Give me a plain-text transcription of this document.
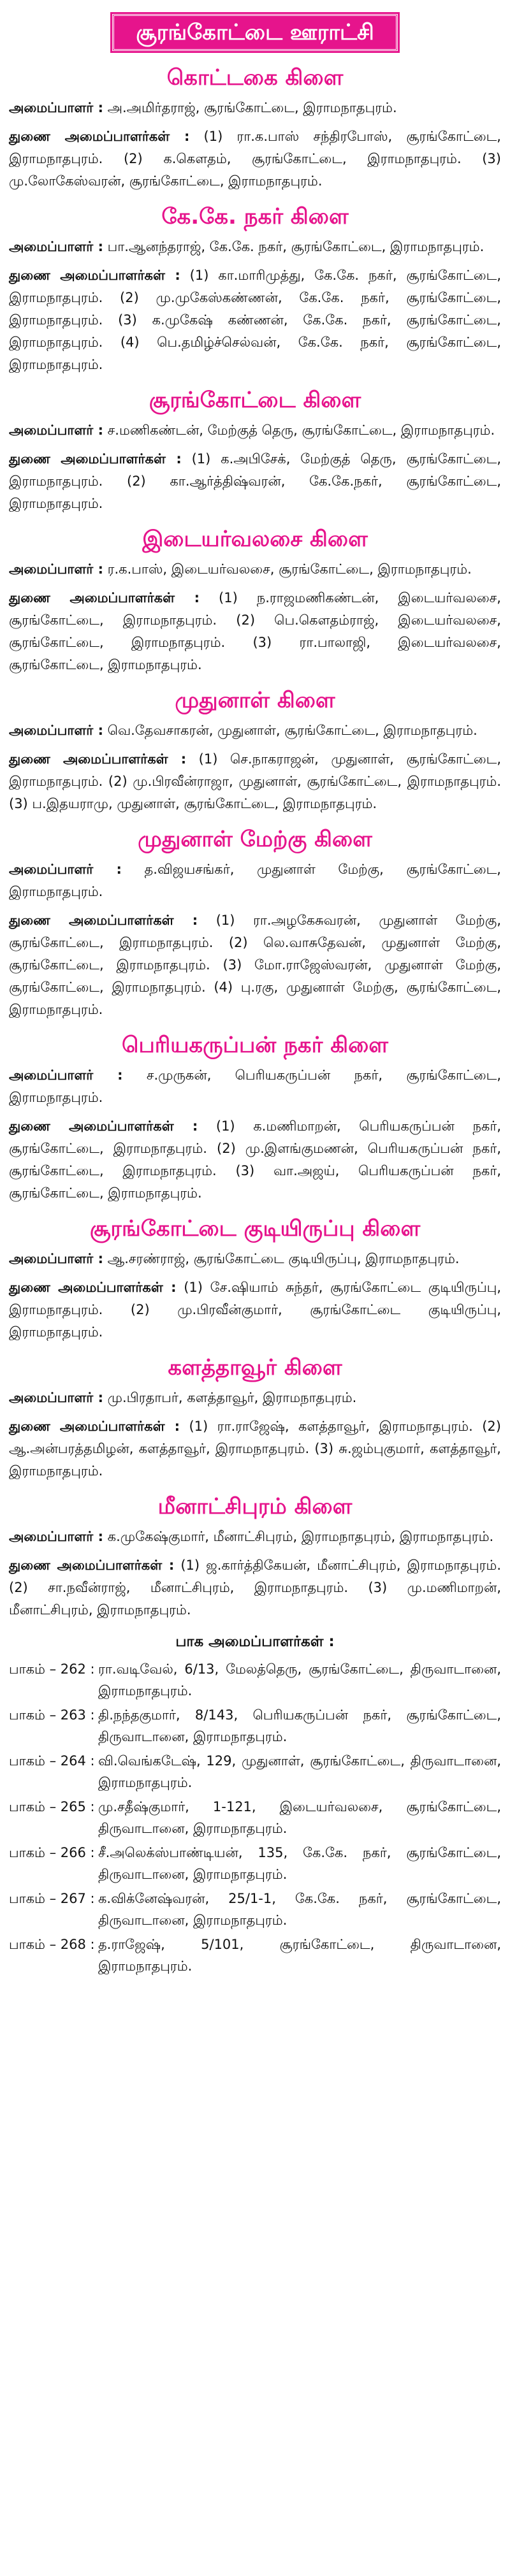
சூரங்கோட்டை ஊராட்சி
கொட்டகை கிளை

அமைப்பாளர் : அ.அமிர்தராஜ், சூரங்கோட்டை, இராமநாதபுரம்.

துணை அமைப்பாளர்கள் : (1) ரா.க.பாஸ் சந்திரபோஸ், சூரங்கோட்டை, இராமநாதபுரம். (2) க.கௌதம், சூரங்கோட்டை, இராமநாதபுரம். (3) மு.லோகேஸ்வரன், சூரங்கோட்டை, இராமநாதபுரம்.

கே.கே. நகர் கிளை

அமைப்பாளர் : பா.ஆனந்தராஜ், கே.கே. நகர், சூரங்கோட்டை, இராமநாதபுரம்.

துணை அமைப்பாளர்கள் : (1) கா.மாரிமுத்து, கே.கே. நகர், சூரங்கோட்டை, இராமநாதபுரம். (2) மு.முகேஸ்கண்ணன், கே.கே. நகர், சூரங்கோட்டை, இராமநாதபுரம். (3) க.முகேஷ் கண்ணன், கே.கே. நகர், சூரங்கோட்டை, இராமநாதபுரம். (4) பெ.தமிழ்ச்செல்வன், கே.கே. நகர், சூரங்கோட்டை, இராமநாதபுரம்.

சூரங்கோட்டை கிளை

அமைப்பாளர் : ச.மணிகண்டன், மேற்குத் தெரு, சூரங்கோட்டை, இராமநாதபுரம்.

துணை அமைப்பாளர்கள் : (1) க.அபிசேக், மேற்குத் தெரு, சூரங்கோட்டை, இராமநாதபுரம். (2) கா.ஆர்த்திஷ்வரன், கே.கே.நகர், சூரங்கோட்டை, இராமநாதபுரம்.

இடையர்வலசை கிளை

அமைப்பாளர் : ர.க.பாஸ், இடையர்வலசை, சூரங்கோட்டை, இராமநாதபுரம்.

துணை அமைப்பாளர்கள் : (1) ந.ராஜமணிகண்டன், இடையர்வலசை, சூரங்கோட்டை, இராமநாதபுரம். (2) பெ.கௌதம்ராஜ், இடையர்வலசை, சூரங்கோட்டை, இராமநாதபுரம். (3) ரா.பாலாஜி, இடையர்வலசை, சூரங்கோட்டை, இராமநாதபுரம்.

முதுனாள் கிளை

அமைப்பாளர் : வெ.தேவசாகரன், முதுனாள், சூரங்கோட்டை, இராமநாதபுரம்.

துணை அமைப்பாளர்கள் : (1) செ.நாகராஜன், முதுனாள், சூரங்கோட்டை, இராமநாதபுரம். (2) மு.பிரவீன்ராஜா, முதுனாள், சூரங்கோட்டை, இராமநாதபுரம். (3) ப.இதயராமு, முதுனாள், சூரங்கோட்டை, இராமநாதபுரம்.

முதுனாள் மேற்கு கிளை

அமைப்பாளர் : த.விஜயசங்கர், முதுனாள் மேற்கு, சூரங்கோட்டை, இராமநாதபுரம்.

துணை அமைப்பாளர்கள் : (1) ரா.அழகேசுவரன், முதுனாள் மேற்கு, சூரங்கோட்டை, இராமநாதபுரம். (2) லெ.வாசுதேவன், முதுனாள் மேற்கு, சூரங்கோட்டை, இராமநாதபுரம். (3) மோ.ராஜேஸ்வரன், முதுனாள் மேற்கு, சூரங்கோட்டை, இராமநாதபுரம். (4) பு.ரகு, முதுனாள் மேற்கு, சூரங்கோட்டை, இராமநாதபுரம்.

பெரியகருப்பன் நகர் கிளை

அமைப்பாளர் : ச.முருகன், பெரியகருப்பன் நகர், சூரங்கோட்டை, இராமநாதபுரம்.

துணை அமைப்பாளர்கள் : (1) க.மணிமாறன், பெரியகருப்பன் நகர், சூரங்கோட்டை, இராமநாதபுரம். (2) மு.இளங்குமணன், பெரியகருப்பன் நகர், சூரங்கோட்டை, இராமநாதபுரம். (3) வா.அஜய், பெரியகருப்பன் நகர், சூரங்கோட்டை, இராமநாதபுரம்.

சூரங்கோட்டை குடியிருப்பு கிளை

அமைப்பாளர் : ஆ.சரண்ராஜ், சூரங்கோட்டை குடியிருப்பு, இராமநாதபுரம்.

துணை அமைப்பாளர்கள் : (1) சே.ஷியாம் சுந்தர், சூரங்கோட்டை குடியிருப்பு, இராமநாதபுரம். (2) மு.பிரவீன்குமார், சூரங்கோட்டை குடியிருப்பு, இராமநாதபுரம்.

களத்தாவூர் கிளை

அமைப்பாளர் : மு.பிரதாபர், களத்தாவூர், இராமநாதபுரம்.

துணை அமைப்பாளர்கள் : (1) ரா.ராஜேஷ், களத்தாவூர், இராமநாதபுரம். (2) ஆ.அன்பரத்தமிழன், களத்தாவூர், இராமநாதபுரம். (3) சு.ஜம்புகுமார், களத்தாவூர், இராமநாதபுரம்.

மீனாட்சிபுரம் கிளை

அமைப்பாளர் : க.முகேஷ்குமார், மீனாட்சிபுரம், இராமநாதபுரம், இராமநாதபுரம்.

துணை அமைப்பாளர்கள் : (1) ஜ.கார்த்திகேயன், மீனாட்சிபுரம், இராமநாதபுரம். (2) சா.நவீன்ராஜ், மீனாட்சிபுரம், இராமநாதபுரம். (3) மு.மணிமாறன், மீனாட்சிபுரம், இராமநாதபுரம்.

பாக அமைப்பாளர்கள் :
பாகம் – 262 :	ரா.வடிவேல், 6/13, மேலத்தெரு, சூரங்கோட்டை, திருவாடானை, இராமநாதபுரம்.
பாகம் – 263 :	தி.நந்தகுமார், 8/143, பெரியகருப்பன் நகர், சூரங்கோட்டை, திருவாடானை, இராமநாதபுரம்.
பாகம் – 264 :	வி.வெங்கடேஷ், 129, முதுனாள், சூரங்கோட்டை, திருவாடானை, இராமநாதபுரம்.
பாகம் – 265 :	மு.சதீஷ்குமார், 1-121, இடையர்வலசை, சூரங்கோட்டை, திருவாடானை, இராமநாதபுரம்.
பாகம் – 266 :	சீ.அலெக்ஸ்பாண்டியன், 135, கே.கே. நகர், சூரங்கோட்டை, திருவாடானை, இராமநாதபுரம்.
பாகம் – 267 :	க.விக்னேஷ்வரன், 25/1-1, கே.கே. நகர், சூரங்கோட்டை, திருவாடானை, இராமநாதபுரம்.
பாகம் – 268 :	த.ராஜேஷ், 5/101, சூரங்கோட்டை, திருவாடானை, இராமநாதபுரம்.
